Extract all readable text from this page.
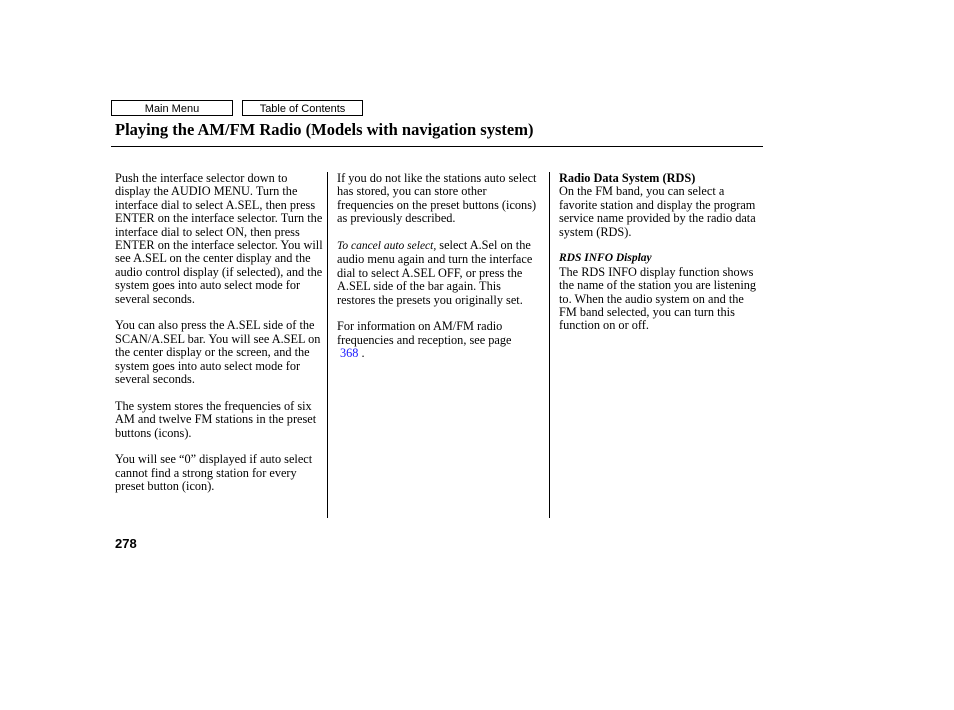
Main Menu	Table of Contents
Playing the AM/FM Radio (Models with navigation system)

Push the interface selector down to display the AUDIO MENU. Turn the interface dial to select A.SEL, then press ENTER on the interface selector. Turn the interface dial to select ON, then press ENTER on the interface selector. You will see A.SEL on the center display and the audio control display (if selected), and the system goes into auto select mode for several seconds.

You can also press the A.SEL side of the SCAN/A.SEL bar. You will see A.SEL on the center display or the screen, and the system goes into auto select mode for several seconds.

The system stores the frequencies of six AM and twelve FM stations in the preset buttons (icons).

You will see “0” displayed if auto select cannot find a strong station for every preset button (icon).

If you do not like the stations auto select has stored, you can store other frequencies on the preset buttons (icons) as previously described.

To cancel auto select, select A.Sel on the audio menu again and turn the interface dial to select A.SEL OFF, or press the A.SEL side of the bar again. This restores the presets you originally set.

For information on AM/FM radio frequencies and reception, see page
368 .

Radio Data System (RDS)
On the FM band, you can select a favorite station and display the program service name provided by the radio data system (RDS).

RDS INFO Display
The RDS INFO display function shows the name of the station you are listening to. When the audio system on and the FM band selected, you can turn this function on or off.

278
